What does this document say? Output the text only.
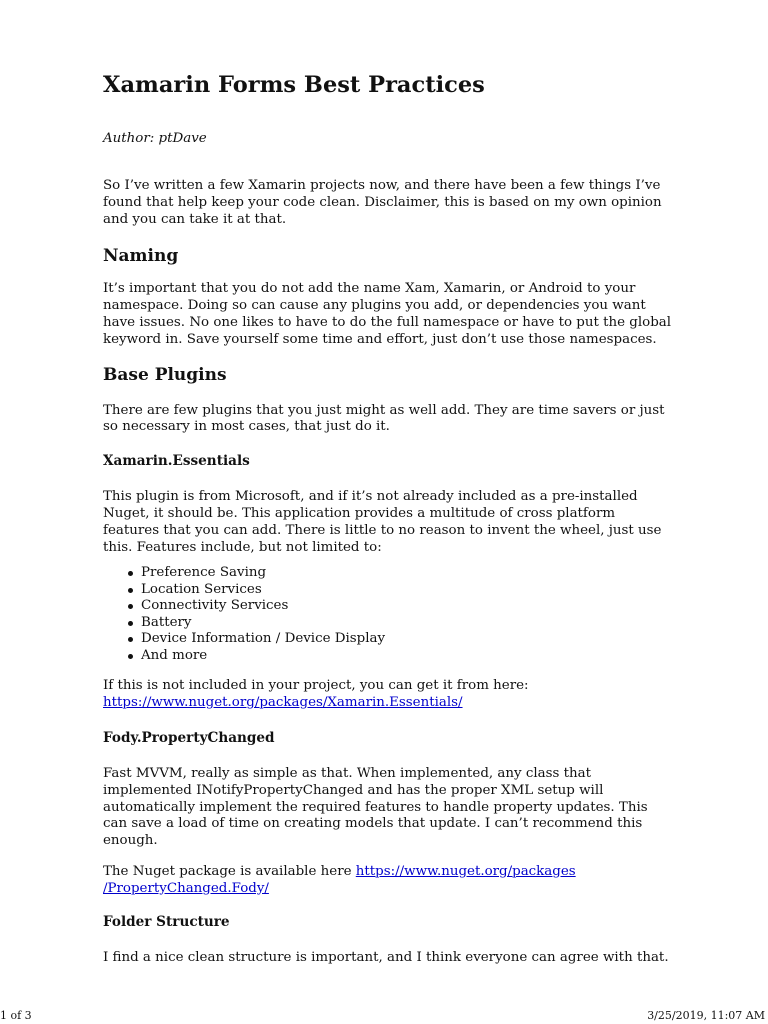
Xamarin Forms Best Practices
Author: ptDave

So I’ve written a few Xamarin projects now, and there have been a few things I’ve found that help keep your code clean. Disclaimer, this is based on my own opinion and you can take it at that.

Naming

It’s important that you do not add the name Xam, Xamarin, or Android to your namespace. Doing so can cause any plugins you add, or dependencies you want have issues. No one likes to have to do the full namespace or have to put the global keyword in. Save yourself some time and effort, just don’t use those namespaces.

Base Plugins

There are few plugins that you just might as well add. They are time savers or just so necessary in most cases, that just do it.

Xamarin.Essentials

This plugin is from Microsoft, and if it’s not already included as a pre-installed Nuget, it should be. This application provides a multitude of cross platform features that you can add. There is little to no reason to invent the wheel, just use this. Features include, but not limited to:

Preference Saving
Location Services
Connectivity Services
Battery
Device Information / Device Display
And more

If this is not included in your project, you can get it from here:
https://www.nuget.org/packages/Xamarin.Essentials/

Fody.PropertyChanged

Fast MVVM, really as simple as that. When implemented, any class that implemented INotifyPropertyChanged and has the proper XML setup will automatically implement the required features to handle property updates. This can save a load of time on creating models that update. I can’t recommend this enough.

The Nuget package is available here https://www.nuget.org/packages
/PropertyChanged.Fody/

Folder Structure

I find a nice clean structure is important, and I think everyone can agree with that.

1 of 3	3/25/2019, 11:07 AM
